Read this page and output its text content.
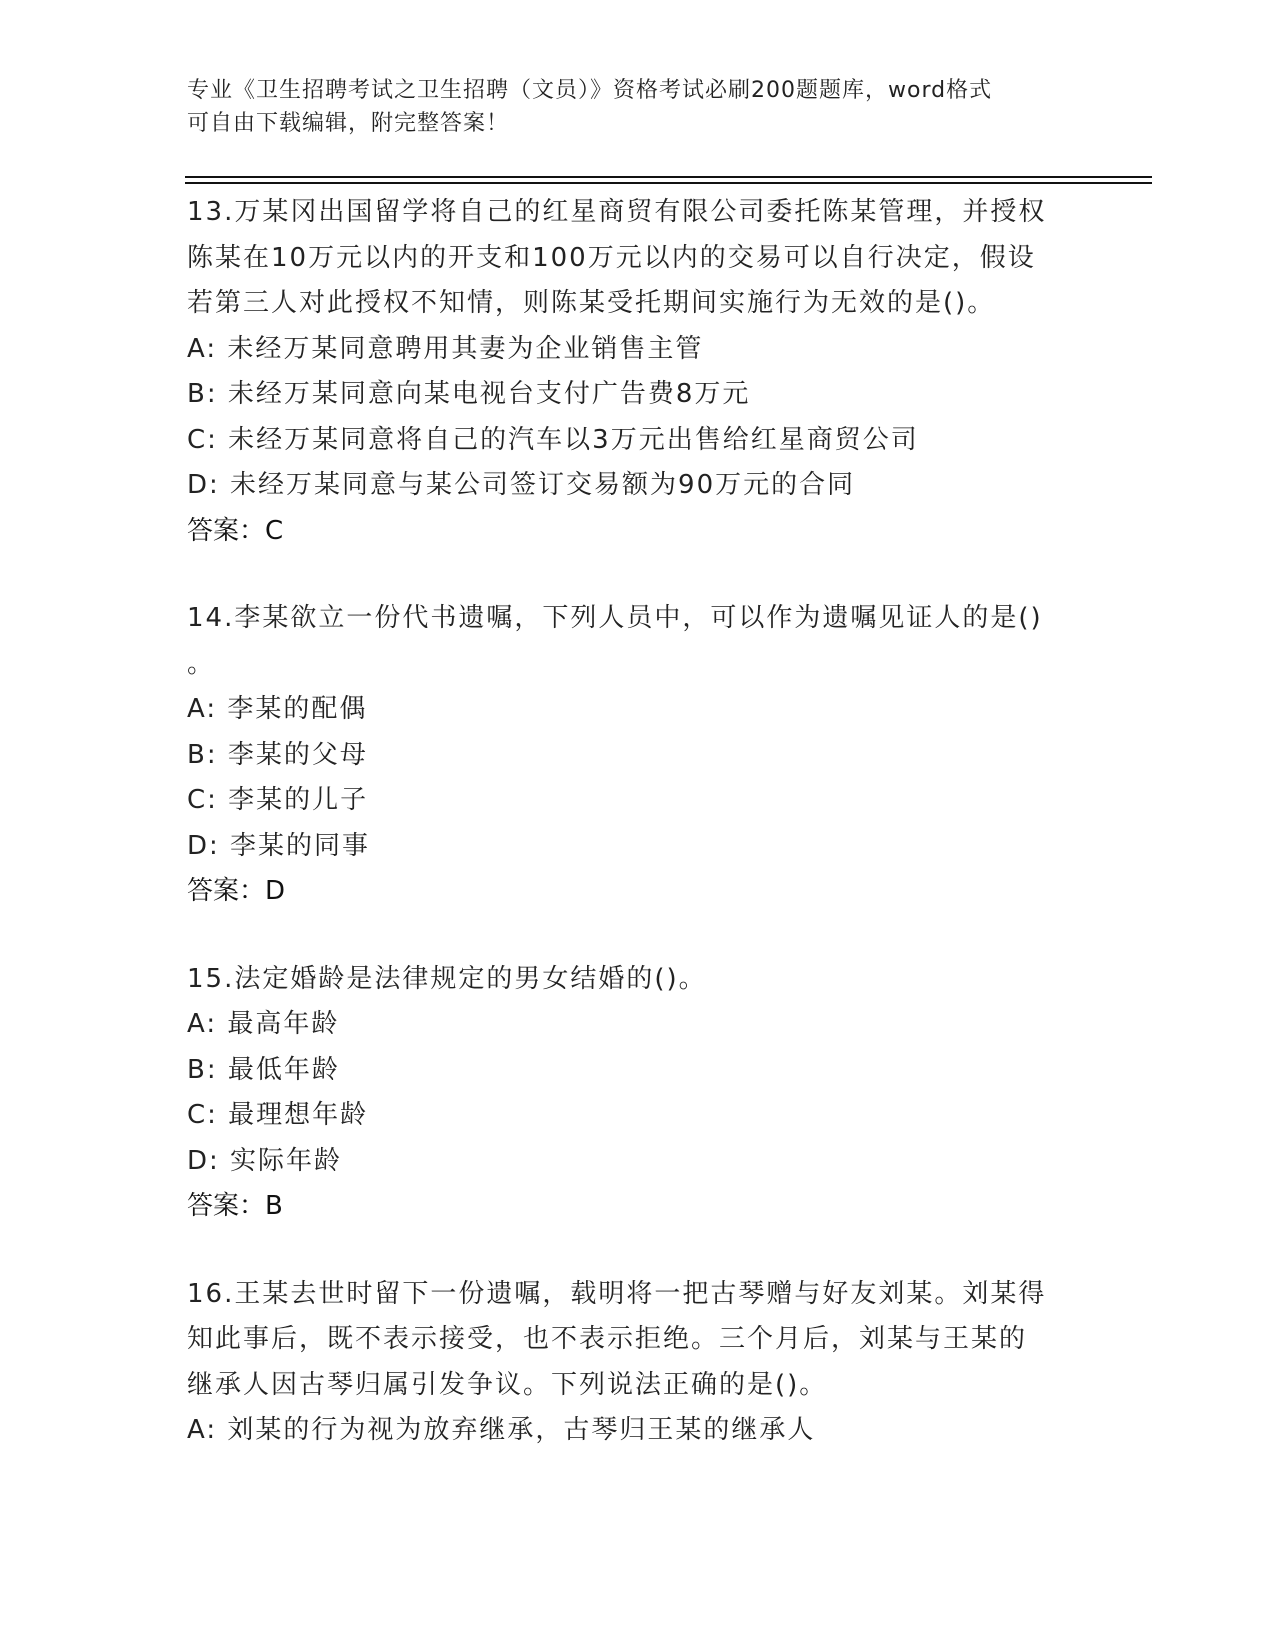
专业《卫生招聘考试之卫生招聘（文员）》资格考试必刷200题题库，word格式
可自由下载编辑，附完整答案！
13.万某冈出国留学将自己的红星商贸有限公司委托陈某管理，并授权
陈某在10万元以内的开支和100万元以内的交易可以自行决定，假设
若第三人对此授权不知情，则陈某受托期间实施行为无效的是()。
A: 未经万某同意聘用其妻为企业销售主管
B: 未经万某同意向某电视台支付广告费8万元
C: 未经万某同意将自己的汽车以3万元出售给红星商贸公司
D: 未经万某同意与某公司签订交易额为90万元的合同
答案：C
14.李某欲立一份代书遗嘱，下列人员中，可以作为遗嘱见证人的是()
。
A: 李某的配偶
B: 李某的父母
C: 李某的儿子
D: 李某的同事
答案：D
15.法定婚龄是法律规定的男女结婚的()。
A: 最高年龄
B: 最低年龄
C: 最理想年龄
D: 实际年龄
答案：B
16.王某去世时留下一份遗嘱，载明将一把古琴赠与好友刘某。刘某得
知此事后，既不表示接受，也不表示拒绝。三个月后，刘某与王某的
继承人因古琴归属引发争议。下列说法正确的是()。
A: 刘某的行为视为放弃继承，古琴归王某的继承人
